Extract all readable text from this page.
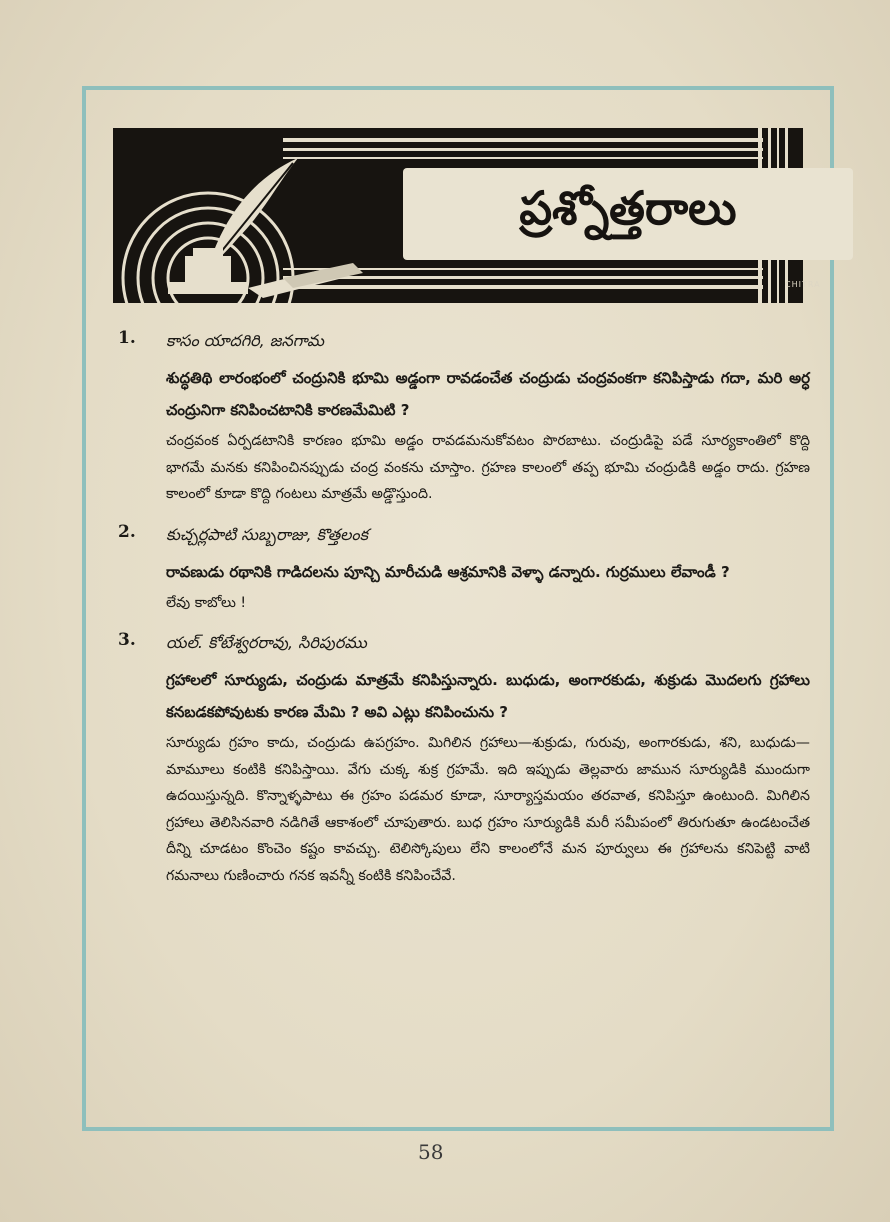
ప్రశ్నోత్తరాలు
CHITRA
1. కాసం యాదగిరి, జనగామ
శుద్ధతిథి లారంభంలో చంద్రునికి భూమి అడ్డంగా రావడంచేత చంద్రుడు చంద్రవంకగా కనిపిస్తాడు గదా, మరి అర్ధ చంద్రునిగా కనిపించటానికి కారణమేమిటి ?
చంద్రవంక ఏర్పడటానికి కారణం భూమి అడ్డం రావడమనుకోవటం పొరబాటు. చంద్రుడిపై పడే సూర్యకాంతిలో కొద్ది భాగమే మనకు కనిపించినప్పుడు చంద్ర వంకను చూస్తాం. గ్రహణ కాలంలో తప్ప భూమి చంద్రుడికి అడ్డం రాదు. గ్రహణ కాలంలో కూడా కొద్ది గంటలు మాత్రమే అడ్డొస్తుంది.
2. కుచ్చర్లపాటి సుబ్బరాజు, కొత్తలంక
రావణుడు రథానికి గాడిదలను పూన్చి మారీచుడి ఆశ్రమానికి వెళ్ళా డన్నారు. గుర్రములు లేవాండీ ?
లేవు కాబోలు !
3. యల్. కోటేశ్వరరావు, సిరిపురము
గ్రహాలలో సూర్యుడు, చంద్రుడు మాత్రమే కనిపిస్తున్నారు. బుధుడు, అంగారకుడు, శుక్రుడు మొదలగు గ్రహాలు కనబడకపోవుటకు కారణ మేమి ? అవి ఎట్లు కనిపించును ?
సూర్యుడు గ్రహం కాదు, చంద్రుడు ఉపగ్రహం. మిగిలిన గ్రహాలు—శుక్రుడు, గురువు, అంగారకుడు, శని, బుధుడు—మామూలు కంటికి కనిపిస్తాయి. వేగు చుక్క శుక్ర గ్రహమే. ఇది ఇప్పుడు తెల్లవారు జామున సూర్యుడికి ముందుగా ఉదయిస్తున్నది. కొన్నాళ్ళపాటు ఈ గ్రహం పడమర కూడా, సూర్యాస్తమయం తరవాత, కనిపిస్తూ ఉంటుంది. మిగిలిన గ్రహాలు తెలిసినవారి నడిగితే ఆకాశంలో చూపుతారు. బుధ గ్రహం సూర్యుడికి మరీ సమీపంలో తిరుగుతూ ఉండటంచేత దీన్ని చూడటం కొంచెం కష్టం కావచ్చు. టెలిస్కోపులు లేని కాలంలోనే మన పూర్వులు ఈ గ్రహాలను కనిపెట్టి వాటి గమనాలు గుణించారు గనక ఇవన్నీ కంటికి కనిపించేవే.
58
